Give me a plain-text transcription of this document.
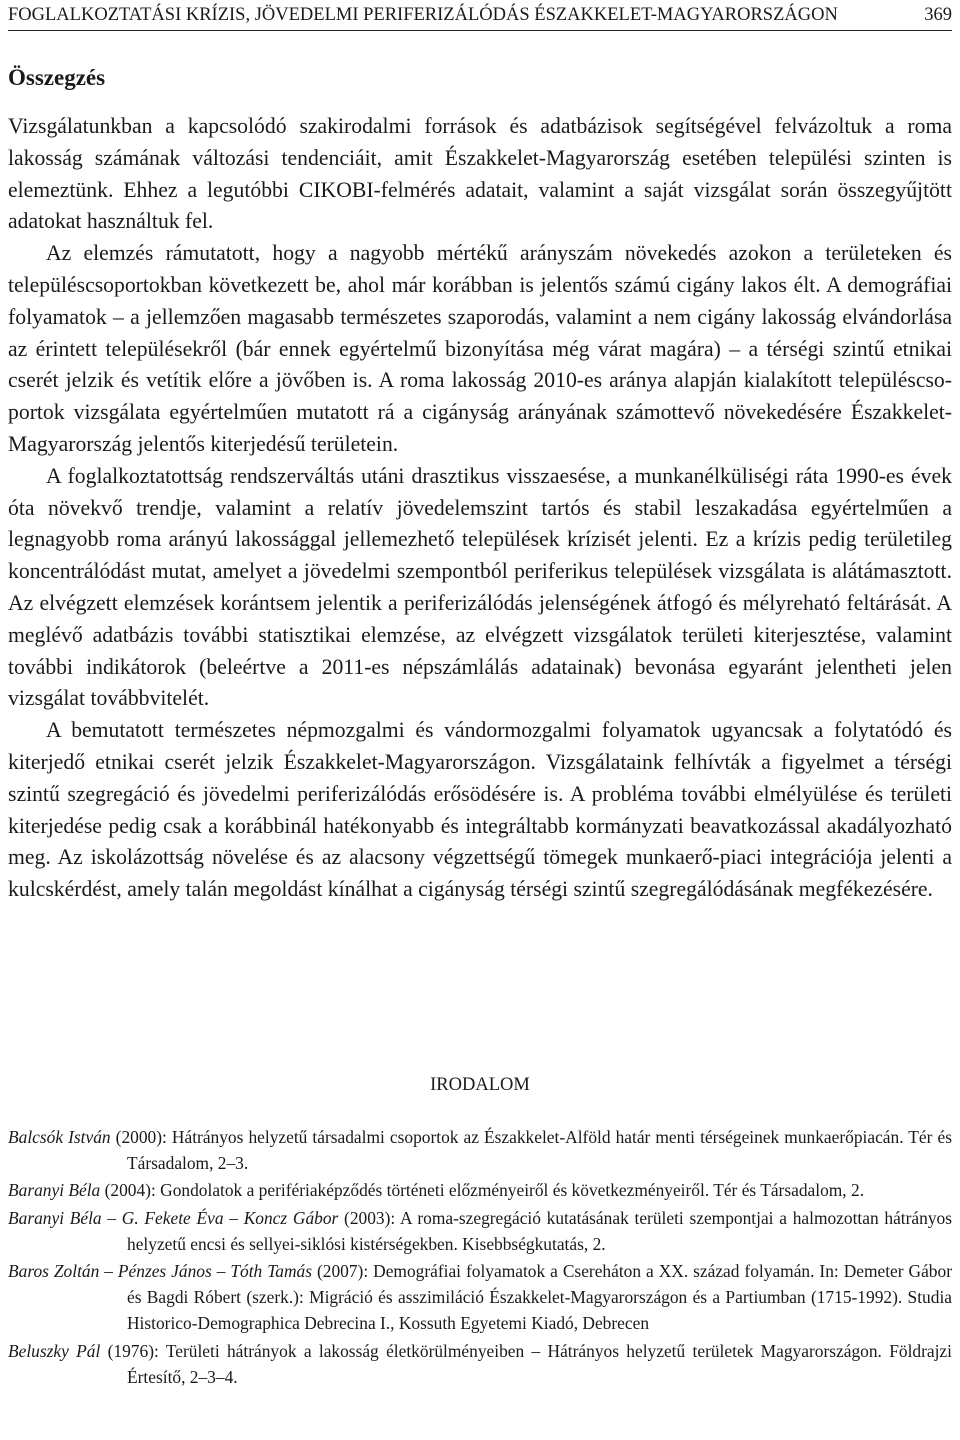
FOGLALKOZTATÁSI KRÍZIS, JÖVEDELMI PERIFERIZÁLÓDÁS ÉSZAKKELET-MAGYARORSZÁGON	369
Összegzés

Vizsgálatunkban a kapcsolódó szakirodalmi források és adatbázisok segítségével felvázoltuk a roma lakosság számának változási tendenciáit, amit Északkelet-Magyarország esetében települési szinten is elemeztünk. Ehhez a legutóbbi CIKOBI-felmérés adatait, valamint a saját vizsgálat során összegyűjtött adatokat használtuk fel.

Az elemzés rámutatott, hogy a nagyobb mértékű arányszám növekedés azokon a területeken és településcsoportokban következett be, ahol már korábban is jelentős számú cigány lakos élt. A demográfiai folyamatok – a jellemzően magasabb természetes szaporodás, valamint a nem cigány lakosság elvándorlása az érintett településekről (bár ennek egyértelmű bizonyítása még várat magára) – a térségi szintű etnikai cserét jelzik és vetítik előre a jövőben is. A roma lakosság 2010-es aránya alapján kialakított településcsoportok vizsgálata egyértelműen mutatott rá a cigányság arányának számottevő növekedésére Északkelet-Magyarország jelentős kiterjedésű területein.

A foglalkoztatottság rendszerváltás utáni drasztikus visszaesése, a munkanélküliségi ráta 1990-es évek óta növekvő trendje, valamint a relatív jövedelemszint tartós és stabil leszakadása egyértelműen a legnagyobb roma arányú lakossággal jellemezhető települések krízisét jelenti. Ez a krízis pedig területileg koncentrálódást mutat, amelyet a jövedelmi szempontból periferikus települések vizsgálata is alátámasztott. Az elvégzett elemzések korántsem jelentik a periferizálódás jelenségének átfogó és mélyreható feltárását. A meglévő adatbázis további statisztikai elemzése, az elvégzett vizsgálatok területi kiterjesztése, valamint további indikátorok (beleértve a 2011-es népszámlálás adatainak) bevonása egyaránt jelentheti jelen vizsgálat továbbvitelét.

A bemutatott természetes népmozgalmi és vándormozgalmi folyamatok ugyancsak a folytatódó és kiterjedő etnikai cserét jelzik Északkelet-Magyarországon. Vizsgálataink felhívták a figyelmet a térségi szintű szegregáció és jövedelmi periferizálódás erősödésére is. A probléma további elmélyülése és területi kiterjedése pedig csak a korábbinál hatékonyabb és integráltabb kormányzati beavatkozással akadályozható meg. Az iskolázottság növelése és az alacsony végzettségű tömegek munkaerő-piaci integrációja jelenti a kulcskérdést, amely talán megoldást kínálhat a cigányság térségi szintű szegregálódásának megfékezésére.

IRODALOM

Balcsók István (2000): Hátrányos helyzetű társadalmi csoportok az Északkelet-Alföld határ menti térségeinek munkaerőpiacán. Tér és Társadalom, 2–3.

Baranyi Béla (2004): Gondolatok a perifériaképződés történeti előzményeiről és következményeiről. Tér és Társadalom, 2.

Baranyi Béla – G. Fekete Éva – Koncz Gábor (2003): A roma-szegregáció kutatásának területi szempontjai a halmozottan hátrányos helyzetű encsi és sellyei-siklósi kistérségekben. Kisebbségkutatás, 2.

Baros Zoltán – Pénzes János – Tóth Tamás (2007): Demográfiai folyamatok a Csereháton a XX. század folyamán. In: Demeter Gábor és Bagdi Róbert (szerk.): Migráció és asszimiláció Északkelet-Magyarországon és a Partiumban (1715-1992). Studia Historico-Demographica Debrecina I., Kossuth Egyetemi Kiadó, Debrecen

Beluszky Pál (1976): Területi hátrányok a lakosság életkörülményeiben – Hátrányos helyzetű területek Magyarországon. Földrajzi Értesítő, 2–3–4.
